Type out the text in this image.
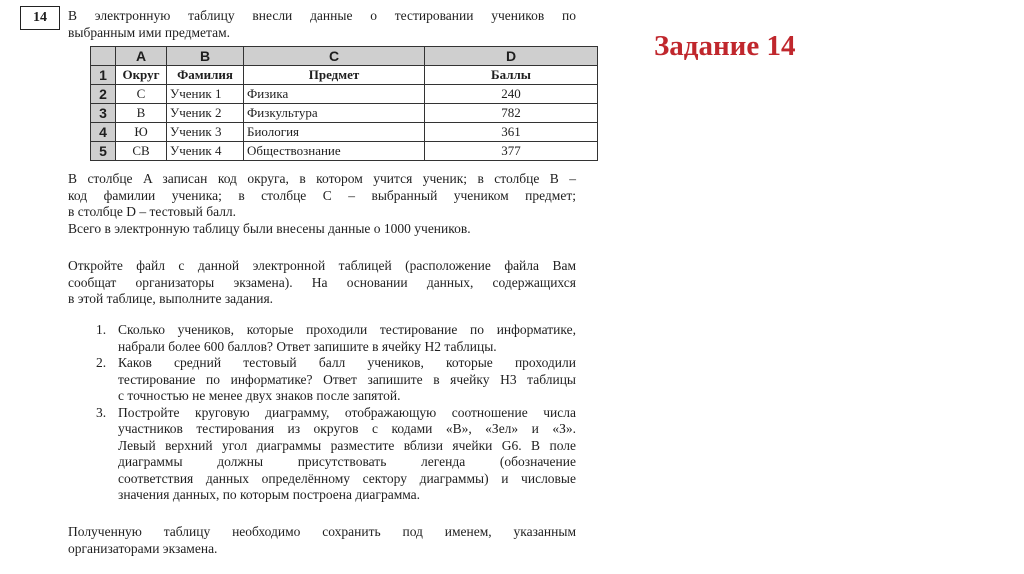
14	В электронную таблицу внесли данные о тестировании учеников по
выбранным ими предметам.

	A	B	C	D
1	Округ	Фамилия	Предмет	Баллы
2	С	Ученик 1	Физика	240
3	В	Ученик 2	Физкультура	782
4	Ю	Ученик 3	Биология	361
5	СВ	Ученик 4	Обществознание	377

В столбце A записан код округа, в котором учится ученик; в столбце B –
код фамилии ученика; в столбце C – выбранный учеником предмет;
в столбце D – тестовый балл.
Всего в электронную таблицу были внесены данные о 1000 учеников.

Откройте файл с данной электронной таблицей (расположение файла Вам
сообщат организаторы экзамена). На основании данных, содержащихся
в этой таблице, выполните задания.

1. Сколько учеников, которые проходили тестирование по информатике,
набрали более 600 баллов? Ответ запишите в ячейку H2 таблицы.
2. Каков средний тестовый балл учеников, которые проходили
тестирование по информатике? Ответ запишите в ячейку H3 таблицы
с точностью не менее двух знаков после запятой.
3. Постройте круговую диаграмму, отображающую соотношение числа
участников тестирования из округов с кодами «В», «Зел» и «З».
Левый верхний угол диаграммы разместите вблизи ячейки G6. В поле
диаграммы должны присутствовать легенда (обозначение
соответствия данных определённому сектору диаграммы) и числовые
значения данных, по которым построена диаграмма.

Полученную таблицу необходимо сохранить под именем, указанным
организаторами экзамена.

Задание 14
